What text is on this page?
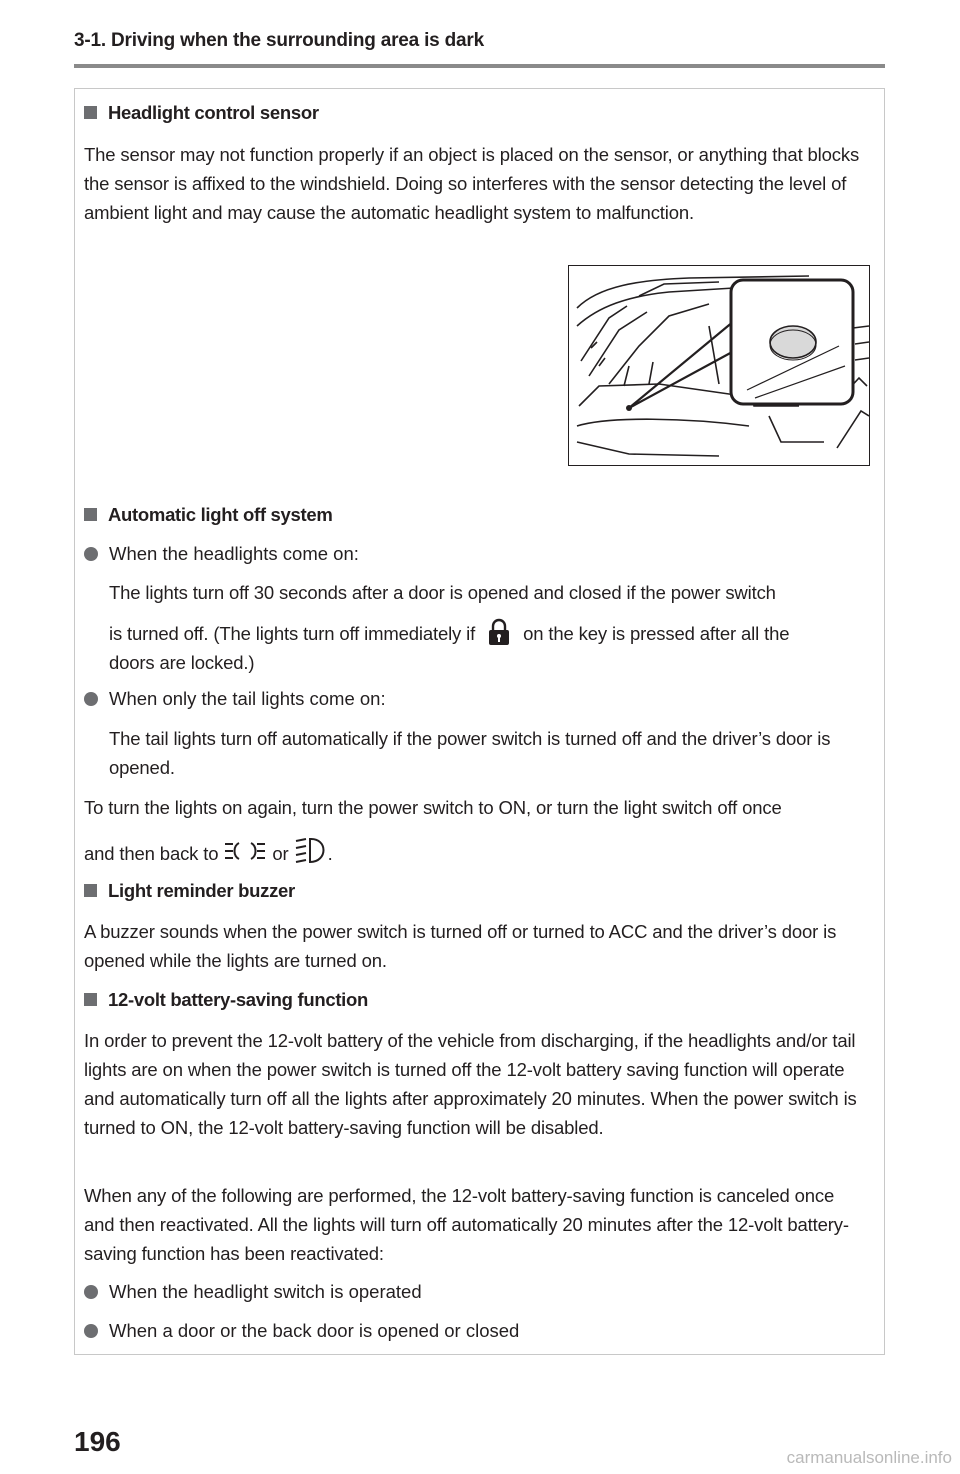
3-1. Driving when the surrounding area is dark
Headlight control sensor
The sensor may not function properly if an object is placed on the sensor, or anything that blocks the sensor is affixed to the windshield. Doing so interferes with the sensor detecting the level of ambient light and may cause the automatic headlight system to malfunction.
Automatic light off system
When the headlights come on:
The lights turn off 30 seconds after a door is opened and closed if the power switch
is turned off. (The lights turn off immediately if	on the key is pressed after all the
doors are locked.)
When only the tail lights come on:
The tail lights turn off automatically if the power switch is turned off and the driver’s door is opened.
To turn the lights on again, turn the power switch to ON, or turn the light switch off once
and then back to	or .
Light reminder buzzer
A buzzer sounds when the power switch is turned off or turned to ACC and the driver’s door is opened while the lights are turned on.
12-volt battery-saving function
In order to prevent the 12-volt battery of the vehicle from discharging, if the headlights and/or tail lights are on when the power switch is turned off the 12-volt battery saving function will operate and automatically turn off all the lights after approximately 20 minutes. When the power switch is turned to ON, the 12-volt battery-saving function will be disabled.
When any of the following are performed, the 12-volt battery-saving function is canceled once and then reactivated. All the lights will turn off automatically 20 minutes after the 12-volt battery-saving function has been reactivated:
When the headlight switch is operated
When a door or the back door is opened or closed
196
carmanualsonline.info
